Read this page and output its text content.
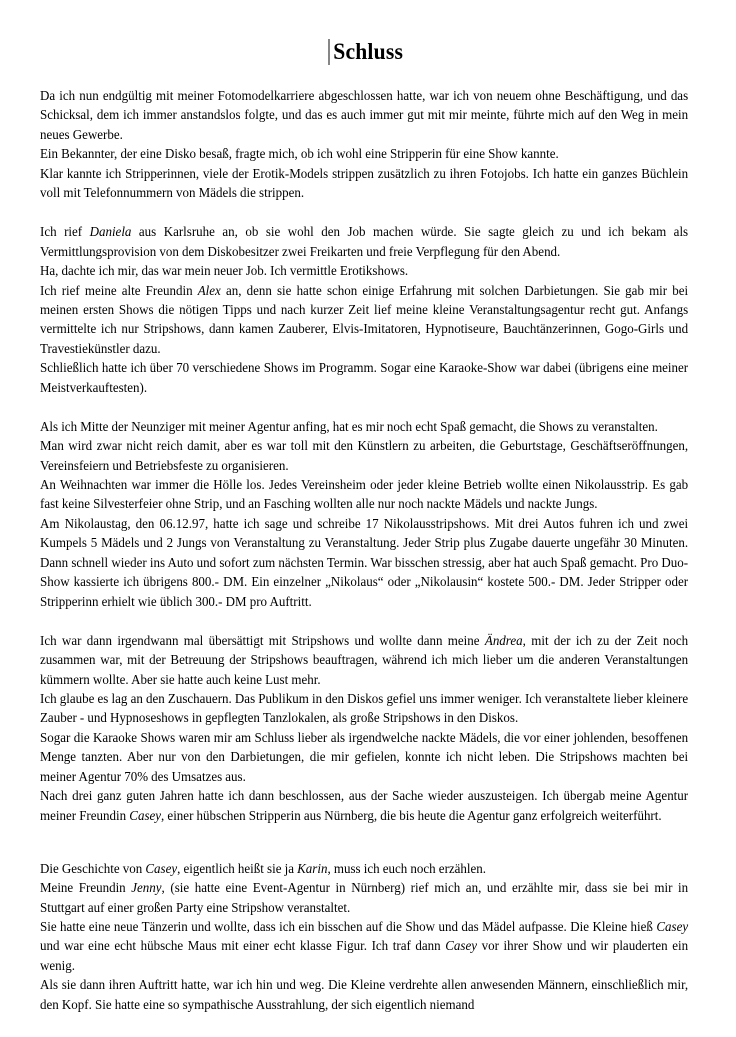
Schluss

Da ich nun endgültig mit meiner Fotomodelkarriere abgeschlossen hatte, war ich von neuem ohne Beschäftigung, und das Schicksal, dem ich immer anstandslos folgte, und das es auch immer gut mit mir meinte, führte mich auf den Weg in mein neues Gewerbe.

Ein Bekannter, der eine Disko besaß, fragte mich, ob ich wohl eine Stripperin für eine Show kannte.

Klar kannte ich Stripperinnen, viele der Erotik-Models strippen zusätzlich zu ihren Fotojobs. Ich hatte ein ganzes Büchlein voll mit Telefonnummern von Mädels die strippen.

Ich rief Daniela aus Karlsruhe an, ob sie wohl den Job machen würde. Sie sagte gleich zu und ich bekam als Vermittlungsprovision von dem Diskobesitzer zwei Freikarten und freie Verpflegung für den Abend.

Ha, dachte ich mir, das war mein neuer Job. Ich vermittle Erotikshows.

Ich rief meine alte Freundin Alex an, denn sie hatte schon einige Erfahrung mit solchen Darbietungen. Sie gab mir bei meinen ersten Shows die nötigen Tipps und nach kurzer Zeit lief meine kleine Veranstaltungsagentur recht gut. Anfangs vermittelte ich nur Stripshows, dann kamen Zauberer, Elvis-Imitatoren, Hypnotiseure, Bauchtänzerinnen, Gogo-Girls und Travestiekünstler dazu.

Schließlich hatte ich über 70 verschiedene Shows im Programm. Sogar eine Karaoke-Show war dabei (übrigens eine meiner Meistverkauftesten).

Als ich Mitte der Neunziger mit meiner Agentur anfing, hat es mir noch echt Spaß gemacht, die Shows zu veranstalten.

Man wird zwar nicht reich damit, aber es war toll mit den Künstlern zu arbeiten, die Geburtstage, Geschäftseröffnungen, Vereinsfeiern und Betriebsfeste zu organisieren.

An Weihnachten war immer die Hölle los. Jedes Vereinsheim oder jeder kleine Betrieb wollte einen Nikolausstrip. Es gab fast keine Silvesterfeier ohne Strip, und an Fasching wollten alle nur noch nackte Mädels und nackte Jungs.

Am Nikolaustag, den 06.12.97, hatte ich sage und schreibe 17 Nikolausstripshows. Mit drei Autos fuhren ich und zwei Kumpels 5 Mädels und 2 Jungs von Veranstaltung zu Veranstaltung. Jeder Strip plus Zugabe dauerte ungefähr 30 Minuten. Dann schnell wieder ins Auto und sofort zum nächsten Termin. War bisschen stressig, aber hat auch Spaß gemacht. Pro Duo-Show kassierte ich übrigens 800.- DM. Ein einzelner „Nikolaus“ oder „Nikolausin“ kostete 500.- DM. Jeder Stripper oder Stripperinn erhielt wie üblich 300.- DM pro Auftritt.

Ich war dann irgendwann mal übersättigt mit Stripshows und wollte dann meine Ändrea, mit der ich zu der Zeit noch zusammen war, mit der Betreuung der Stripshows beauftragen, während ich mich lieber um die anderen Veranstaltungen kümmern wollte. Aber sie hatte auch keine Lust mehr.

Ich glaube es lag an den Zuschauern. Das Publikum in den Diskos gefiel uns immer weniger. Ich veranstaltete lieber kleinere Zauber - und Hypnoseshows in gepflegten Tanzlokalen, als große Stripshows in den Diskos.

Sogar die Karaoke Shows waren mir am Schluss lieber als irgendwelche nackte Mädels, die vor einer johlenden, besoffenen Menge tanzten. Aber nur von den Darbietungen, die mir gefielen, konnte ich nicht leben. Die Stripshows machten bei meiner Agentur 70% des Umsatzes aus.

Nach drei ganz guten Jahren hatte ich dann beschlossen, aus der Sache wieder auszusteigen. Ich übergab meine Agentur meiner Freundin Casey, einer hübschen Stripperin aus Nürnberg, die bis heute die Agentur ganz erfolgreich weiterführt.

Die Geschichte von Casey, eigentlich heißt sie ja Karin, muss ich euch noch erzählen.

Meine Freundin Jenny, (sie hatte eine Event-Agentur in Nürnberg) rief mich an, und erzählte mir, dass sie bei mir in Stuttgart auf einer großen Party eine Stripshow veranstaltet.

Sie hatte eine neue Tänzerin und wollte, dass ich ein bisschen auf die Show und das Mädel aufpasse. Die Kleine hieß Casey und war eine echt hübsche Maus mit einer echt klasse Figur. Ich traf dann Casey vor ihrer Show und wir plauderten ein wenig.

Als sie dann ihren Auftritt hatte, war ich hin und weg. Die Kleine verdrehte allen anwesenden Männern, einschließlich mir, den Kopf. Sie hatte eine so sympathische Ausstrahlung, der sich eigentlich niemand
